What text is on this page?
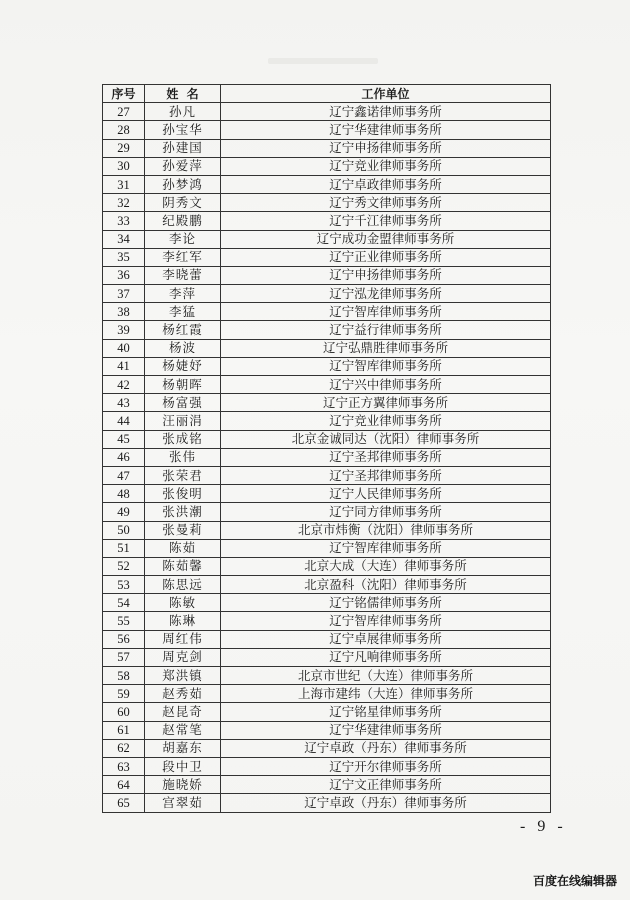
序号	姓  名	工作单位
27	孙凡	辽宁鑫诺律师事务所
28	孙宝华	辽宁华建律师事务所
29	孙建国	辽宁申扬律师事务所
30	孙爱萍	辽宁竞业律师事务所
31	孙梦鸿	辽宁卓政律师事务所
32	阴秀文	辽宁秀文律师事务所
33	纪殿鹏	辽宁千江律师事务所
34	李论	辽宁成功金盟律师事务所
35	李红军	辽宁正业律师事务所
36	李晓蕾	辽宁申扬律师事务所
37	李萍	辽宁泓龙律师事务所
38	李猛	辽宁智库律师事务所
39	杨红霞	辽宁益行律师事务所
40	杨波	辽宁弘鼎胜律师事务所
41	杨婕妤	辽宁智库律师事务所
42	杨朝晖	辽宁兴中律师事务所
43	杨富强	辽宁正方翼律师事务所
44	汪丽涓	辽宁竞业律师事务所
45	张成铭	北京金诚同达（沈阳）律师事务所
46	张伟	辽宁圣邦律师事务所
47	张荣君	辽宁圣邦律师事务所
48	张俊明	辽宁人民律师事务所
49	张洪潮	辽宁同方律师事务所
50	张曼莉	北京市炜衡（沈阳）律师事务所
51	陈茹	辽宁智库律师事务所
52	陈茹馨	北京大成（大连）律师事务所
53	陈思远	北京盈科（沈阳）律师事务所
54	陈敏	辽宁铭儒律师事务所
55	陈琳	辽宁智库律师事务所
56	周红伟	辽宁卓展律师事务所
57	周克剑	辽宁凡响律师事务所
58	郑洪镇	北京市世纪（大连）律师事务所
59	赵秀茹	上海市建纬（大连）律师事务所
60	赵昆奇	辽宁铭星律师事务所
61	赵常笔	辽宁华建律师事务所
62	胡嘉东	辽宁卓政（丹东）律师事务所
63	段中卫	辽宁开尔律师事务所
64	施晓娇	辽宁文正律师事务所
65	宫翠茹	辽宁卓政（丹东）律师事务所
- 9 -
百度在线编辑器
